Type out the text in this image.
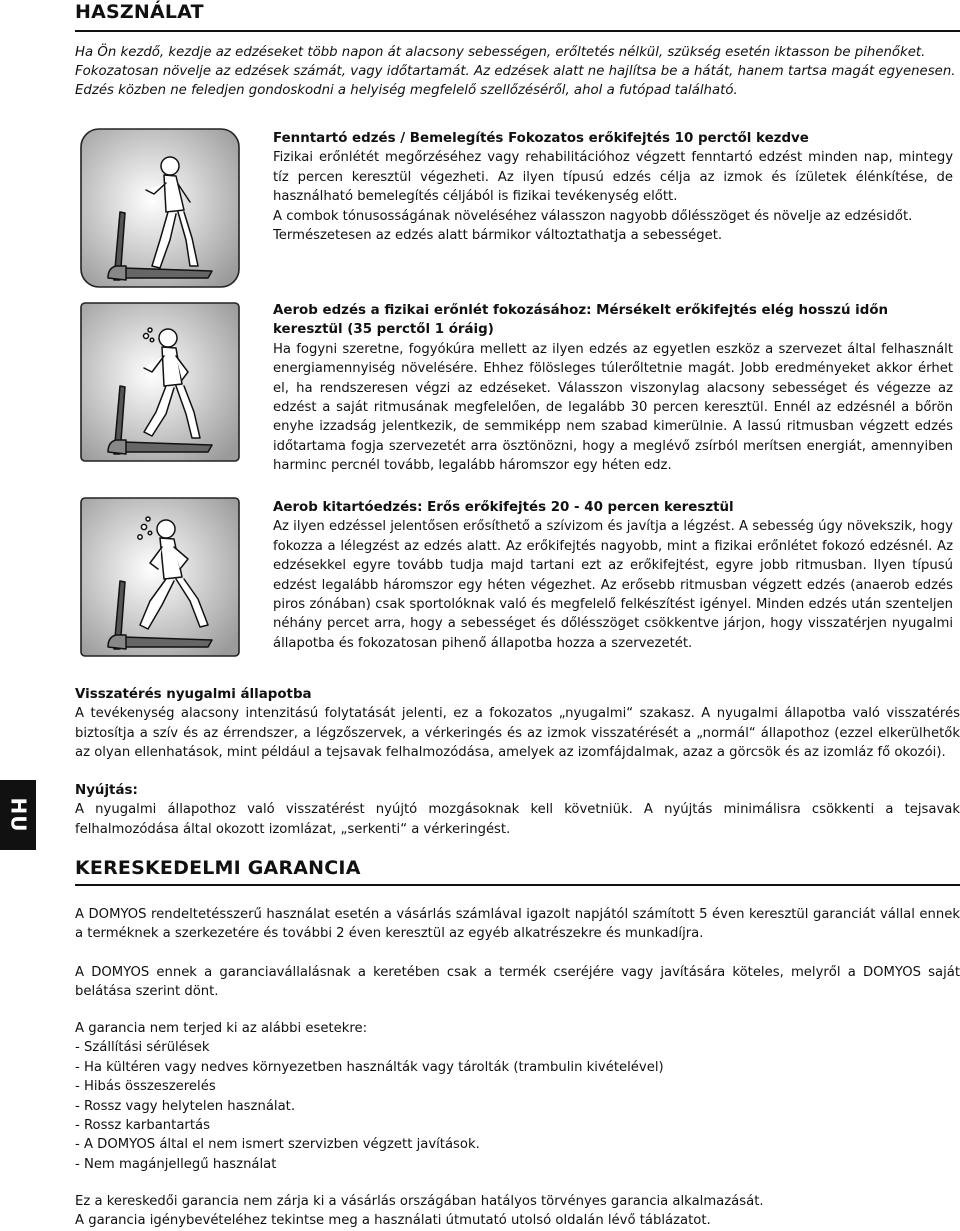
HASZNÁLAT

Ha Ön kezdő, kezdje az edzéseket több napon át alacsony sebességen, erőltetés nélkül, szükség esetén iktasson be pihenőket. Fokozatosan növelje az edzések számát, vagy időtartamát. Az edzések alatt ne hajlítsa be a hátát, hanem tartsa magát egyenesen. Edzés közben ne feledjen gondoskodni a helyiség megfelelő szellőzéséről, ahol a futópad található.

HU
Fenntartó edzés / Bemelegítés Fokozatos erőkifejtés 10 perctől kezdve

Fizikai erőnlétét megőrzéséhez vagy rehabilitációhoz végzett fenntartó edzést minden nap, mintegy tíz percen keresztül végezheti. Az ilyen típusú edzés célja az izmok és ízületek élénkítése, de használható bemelegítés céljából is fizikai tevékenység előtt.

A combok tónusosságának növeléséhez válasszon nagyobb dőlésszöget és növelje az edzésidőt.

Természetesen az edzés alatt bármikor változtathatja a sebességet.

Aerob edzés a fizikai erőnlét fokozásához: Mérsékelt erőkifejtés elég hosszú időn keresztül (35 perctől 1 óráig)

Ha fogyni szeretne, fogyókúra mellett az ilyen edzés az egyetlen eszköz a szervezet által felhasznált energiamennyiség növelésére. Ehhez fölösleges túlerőltetnie magát. Jobb eredményeket akkor érhet el, ha rendszeresen végzi az edzéseket. Válasszon viszonylag alacsony sebességet és végezze az edzést a saját ritmusának megfelelően, de legalább 30 percen keresztül. Ennél az edzésnél a bőrön enyhe izzadság jelentkezik, de semmiképp nem szabad kimerülnie. A lassú ritmusban végzett edzés időtartama fogja szervezetét arra ösztönözni, hogy a meglévő zsírból merítsen energiát, amennyiben harminc percnél tovább, legalább háromszor egy héten edz.

Aerob kitartóedzés: Erős erőkifejtés 20 - 40 percen keresztül

Az ilyen edzéssel jelentősen erősíthető a szívizom és javítja a légzést. A sebesség úgy növekszik, hogy fokozza a lélegzést az edzés alatt. Az erőkifejtés nagyobb, mint a fizikai erőnlétet fokozó edzésnél. Az edzésekkel egyre tovább tudja majd tartani ezt az erőkifejtést, egyre jobb ritmusban. Ilyen típusú edzést legalább háromszor egy héten végezhet. Az erősebb ritmusban végzett edzés (anaerob edzés piros zónában) csak sportolóknak való és megfelelő felkészítést igényel. Minden edzés után szenteljen néhány percet arra, hogy a sebességet és dőlésszöget csökkentve járjon, hogy visszatérjen nyugalmi állapotba és fokozatosan pihenő állapotba hozza a szervezetét.

Visszatérés nyugalmi állapotba

A tevékenység alacsony intenzitású folytatását jelenti, ez a fokozatos „nyugalmi“ szakasz. A nyugalmi állapotba való visszatérés biztosítja a szív és az érrendszer, a légzőszervek, a vérkeringés és az izmok visszatérését a „normál“ állapothoz (ezzel elkerülhetők az olyan ellenhatások, mint például a tejsavak felhalmozódása, amelyek az izomfájdalmak, azaz a görcsök és az izomláz fő okozói).

Nyújtás:

A nyugalmi állapothoz való visszatérést nyújtó mozgásoknak kell követniük. A nyújtás minimálisra csökkenti a tejsavak felhalmozódása által okozott izomlázat, „serkenti“ a vérkeringést.

KERESKEDELMI GARANCIA

A DOMYOS rendeltetésszerű használat esetén a vásárlás számlával igazolt napjától számított 5 éven keresztül garanciát vállal ennek a terméknek a szerkezetére és további 2 éven keresztül az egyéb alkatrészekre és munkadíjra.

A DOMYOS ennek a garanciavállalásnak a keretében csak a termék cseréjére vagy javítására köteles, melyről a DOMYOS saját belátása szerint dönt.

A garancia nem terjed ki az alábbi esetekre:

- Szállítási sérülések
- Ha kültéren vagy nedves környezetben használták vagy tárolták (trambulin kivételével)
- Hibás összeszerelés
- Rossz vagy helytelen használat.
- Rossz karbantartás
- A DOMYOS által el nem ismert szervizben végzett javítások.
- Nem magánjellegű használat

Ez a kereskedői garancia nem zárja ki a vásárlás országában hatályos törvényes garancia alkalmazását.

A garancia igénybevételéhez tekintse meg a használati útmutató utolsó oldalán lévő táblázatot.
